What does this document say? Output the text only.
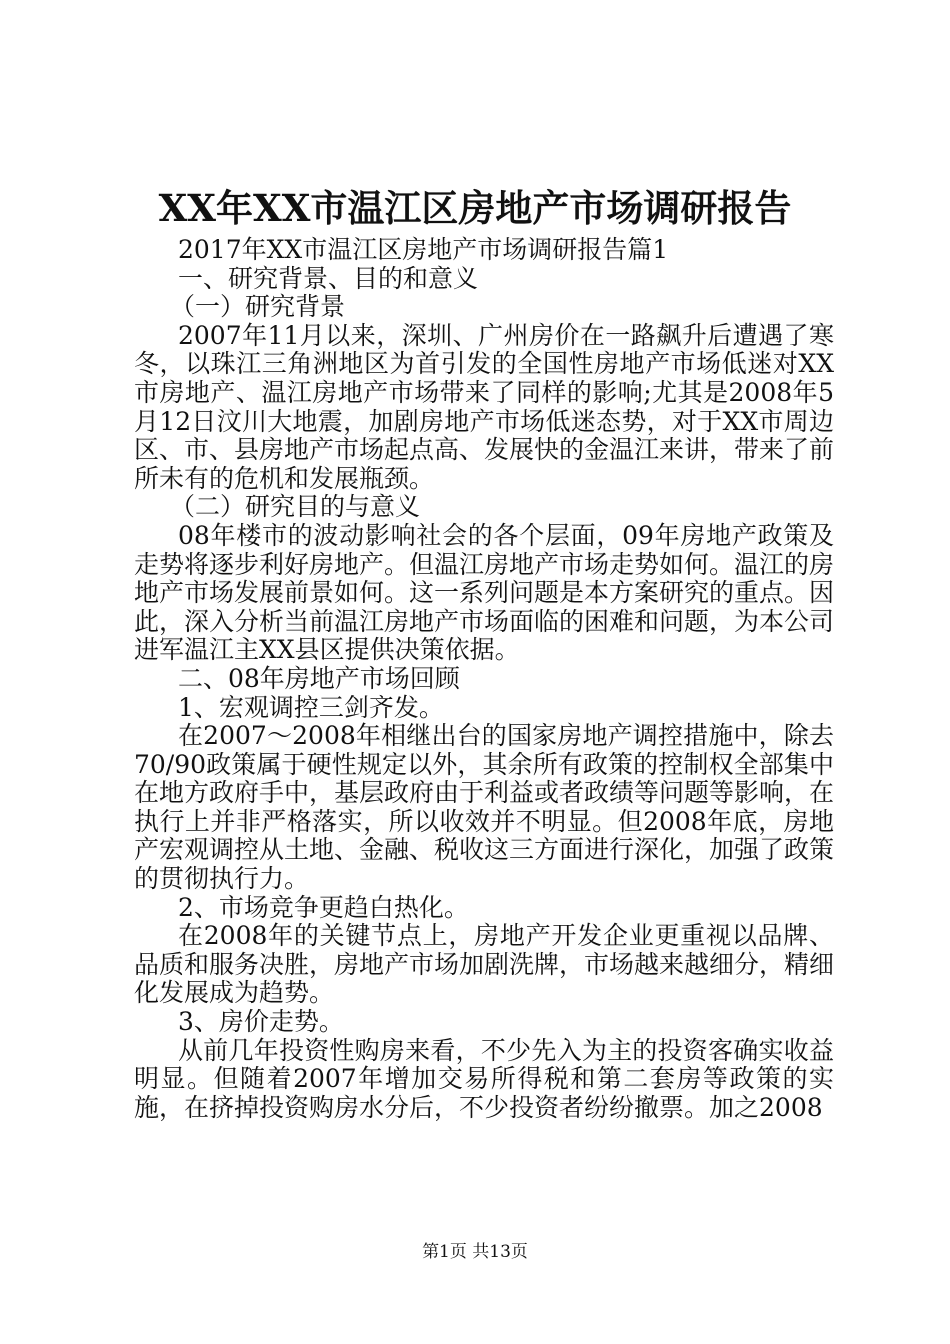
XX年XX市温江区房地产市场调研报告

2017年XX市温江区房地产市场调研报告篇1

一、研究背景、目的和意义

（一）研究背景

2007年11月以来，深圳、广州房价在一路飙升后遭遇了寒冬，以珠江三角洲地区为首引发的全国性房地产市场低迷对XX市房地产、温江房地产市场带来了同样的影响;尤其是2008年5月12日汶川大地震，加剧房地产市场低迷态势，对于XX市周边区、市、县房地产市场起点高、发展快的金温江来讲，带来了前所未有的危机和发展瓶颈。

（二）研究目的与意义

08年楼市的波动影响社会的各个层面，09年房地产政策及走势将逐步利好房地产。但温江房地产市场走势如何。温江的房地产市场发展前景如何。这一系列问题是本方案研究的重点。因此，深入分析当前温江房地产市场面临的困难和问题，为本公司进军温江主XX县区提供决策依据。

二、08年房地产市场回顾

1、宏观调控三剑齐发。

在2007～2008年相继出台的国家房地产调控措施中，除去70/90政策属于硬性规定以外，其余所有政策的控制权全部集中在地方政府手中，基层政府由于利益或者政绩等问题等影响，在执行上并非严格落实，所以收效并不明显。但2008年底，房地产宏观调控从土地、金融、税收这三方面进行深化，加强了政策的贯彻执行力。

2、市场竞争更趋白热化。

在2008年的关键节点上，房地产开发企业更重视以品牌、品质和服务决胜，房地产市场加剧洗牌，市场越来越细分，精细化发展成为趋势。

3、房价走势。

从前几年投资性购房来看，不少先入为主的投资客确实收益明显。但随着2007年增加交易所得税和第二套房等政策的实施，在挤掉投资购房水分后，不少投资者纷纷撤票。加之2008

第1页 共13页
